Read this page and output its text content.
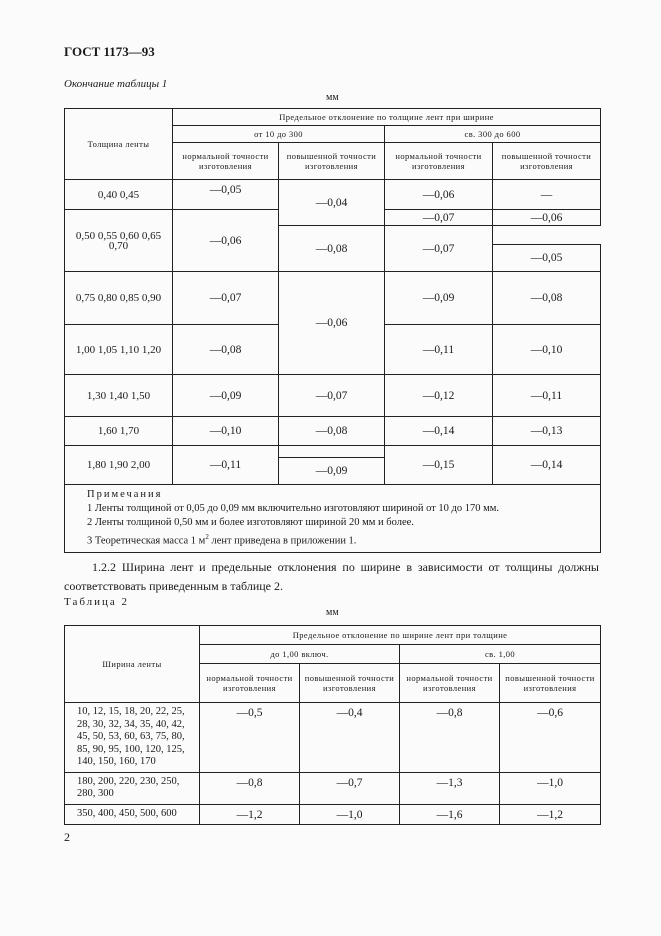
ГОСТ 1173—93
Окончание таблицы 1
мм
Толщина ленты	Предельное отклонение по толщине лент при ширине			
	от 10 до 300		св. 300 до 600	
	нормальной точности изготовления	повышенной точности изготовления	нормальной точности изготовления	повышенной точности изготовления
0,40 0,45	—0,05	—0,04	—0,06	—

0,50 0,55 0,60 0,65 0,70	—0,06		—0,07	—0,06
		—0,08	—0,07	
				—0,05
0,75 0,80 0,85 0,90	—0,07	—0,06	—0,09	—0,08
1,00 1,05 1,10 1,20	—0,08		—0,11	—0,10
1,30 1,40 1,50	—0,09	—0,07	—0,12	—0,11
1,60 1,70	—0,10	—0,08	—0,14	—0,13
1,80 1,90 2,00	—0,11		—0,15	—0,14
		—0,09		

Примечания
1 Ленты толщиной от 0,05 до 0,09 мм включительно изготовляют шириной от 10 до 170 мм.
2 Ленты толщиной 0,50 мм и более изготовляют шириной 20 мм и более.
3 Теоретическая масса 1 $м^2$ лент приведена в приложении 1.				
1.2.2 Ширина лент и предельные отклонения по ширине в зависимости от толщины должны соответствовать приведенным в таблице 2.
Таблица 2
мм
Ширина ленты	Предельное отклонение по ширине лент при толщине			
	до 1,00 включ.		св. 1,00	
	нормальной точности изготовления	повышенной точности изготовления	нормальной точности изготовления	повышенной точности изготовления
10, 12, 15, 18, 20, 22, 25, 28, 30, 32, 34, 35, 40, 42, 45, 50, 53, 60, 63, 75, 80, 85, 90, 95, 100, 120, 125, 140, 150, 160, 170	—0,5	—0,4	—0,8	—0,6
180, 200, 220, 230, 250, 280, 300	—0,8	—0,7	—1,3	—1,0
350, 400, 450, 500, 600	—1,2	—1,0	—1,6	—1,2
2
